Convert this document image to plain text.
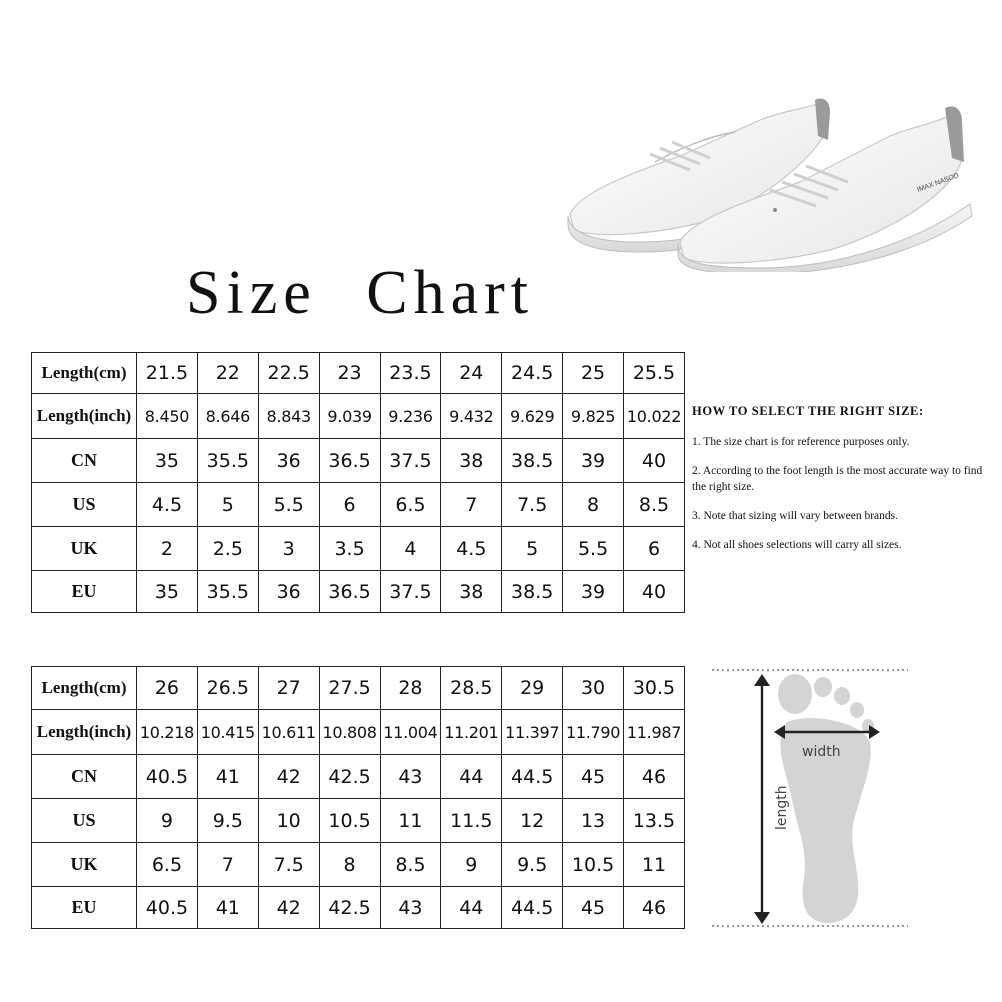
IMAX NASOD
Size Chart
Length(cm)	21.5	22	22.5	23	23.5	24	24.5	25	25.5
Length(inch)	8.450	8.646	8.843	9.039	9.236	9.432	9.629	9.825	10.022
CN	35	35.5	36	36.5	37.5	38	38.5	39	40
US	4.5	5	5.5	6	6.5	7	7.5	8	8.5
UK	2	2.5	3	3.5	4	4.5	5	5.5	6
EU	35	35.5	36	36.5	37.5	38	38.5	39	40
HOW TO SELECT THE RIGHT SIZE:
1. The size chart is for reference purposes only.
2. According to the foot length is the most accurate way to find the right size.
3. Note that sizing will vary between brands.
4. Not all shoes selections will carry all sizes.
Length(cm)	26	26.5	27	27.5	28	28.5	29	30	30.5
Length(inch)	10.218	10.415	10.611	10.808	11.004	11.201	11.397	11.790	11.987
CN	40.5	41	42	42.5	43	44	44.5	45	46
US	9	9.5	10	10.5	11	11.5	12	13	13.5
UK	6.5	7	7.5	8	8.5	9	9.5	10.5	11
EU	40.5	41	42	42.5	43	44	44.5	45	46
width
length
